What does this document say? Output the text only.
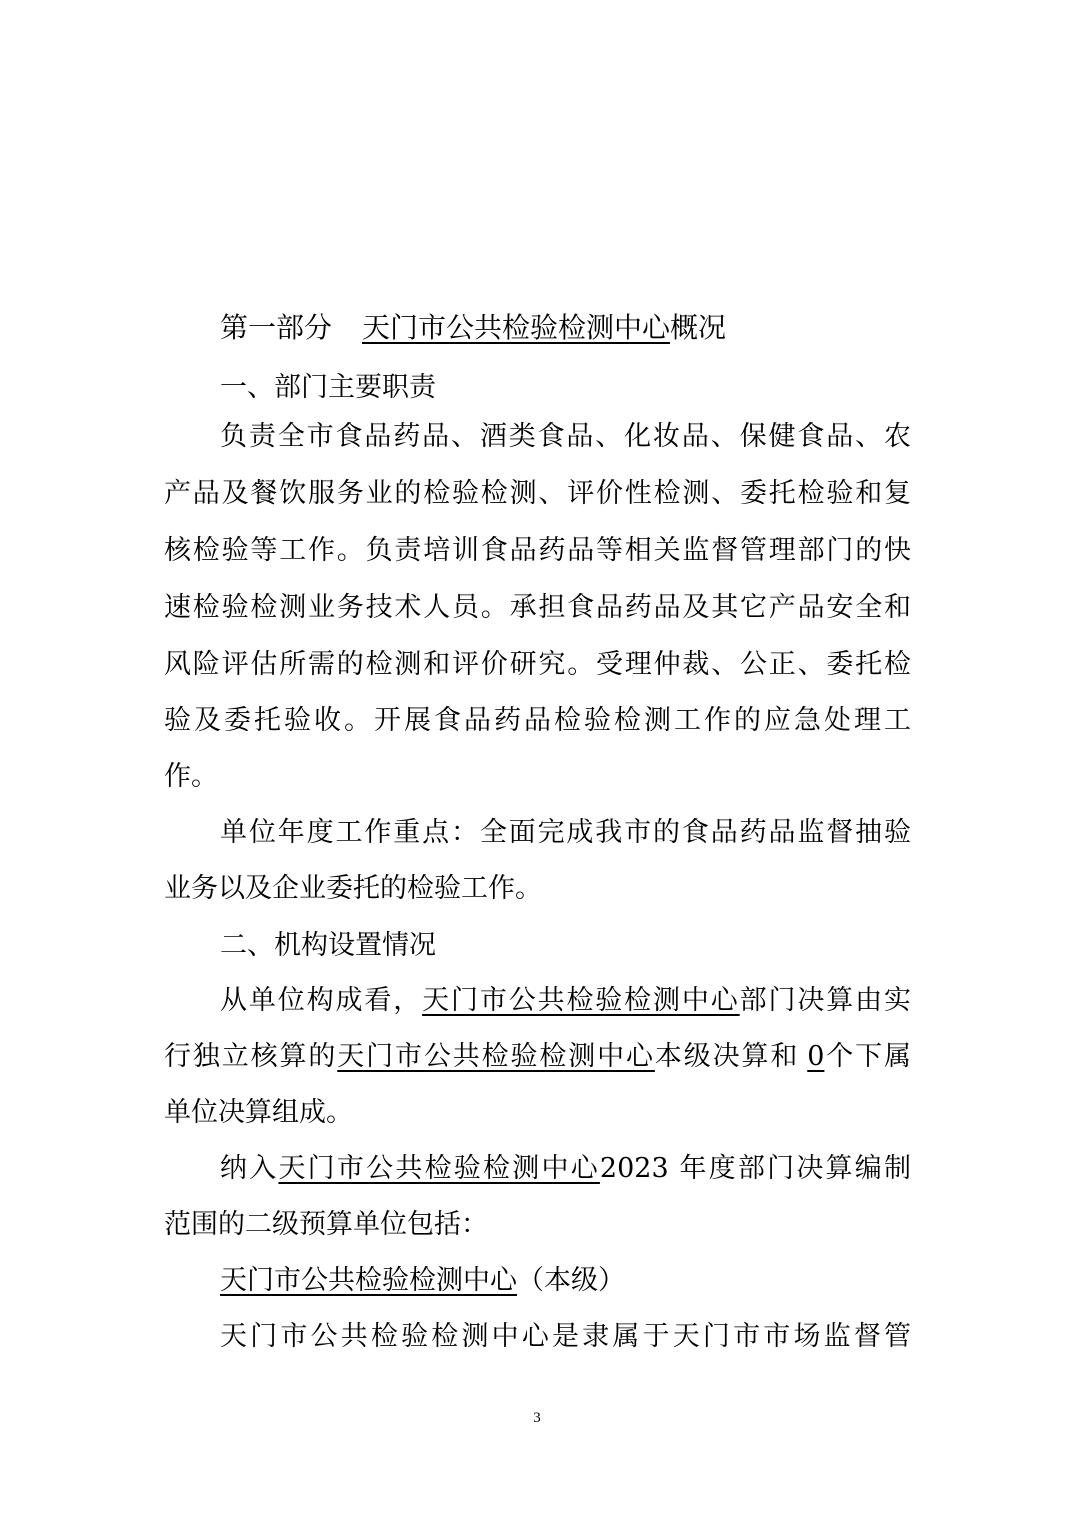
第一部分 天门市公共检验检测中心概况
一、部门主要职责
负责全市食品药品、酒类食品、化妆品、保健食品、农
产品及餐饮服务业的检验检测、评价性检测、委托检验和复
核检验等工作。负责培训食品药品等相关监督管理部门的快
速检验检测业务技术人员。承担食品药品及其它产品安全和
风险评估所需的检测和评价研究。受理仲裁、公正、委托检
验及委托验收。开展食品药品检验检测工作的应急处理工
作。
单位年度工作重点：全面完成我市的食品药品监督抽验
业务以及企业委托的检验工作。
二、机构设置情况
从单位构成看，天门市公共检验检测中心部门决算由实
行独立核算的天门市公共检验检测中心本级决算和 0个下属
单位决算组成。
纳入天门市公共检验检测中心2023 年度部门决算编制
范围的二级预算单位包括：
天门市公共检验检测中心（本级）
天门市公共检验检测中心是隶属于天门市市场监督管
3
